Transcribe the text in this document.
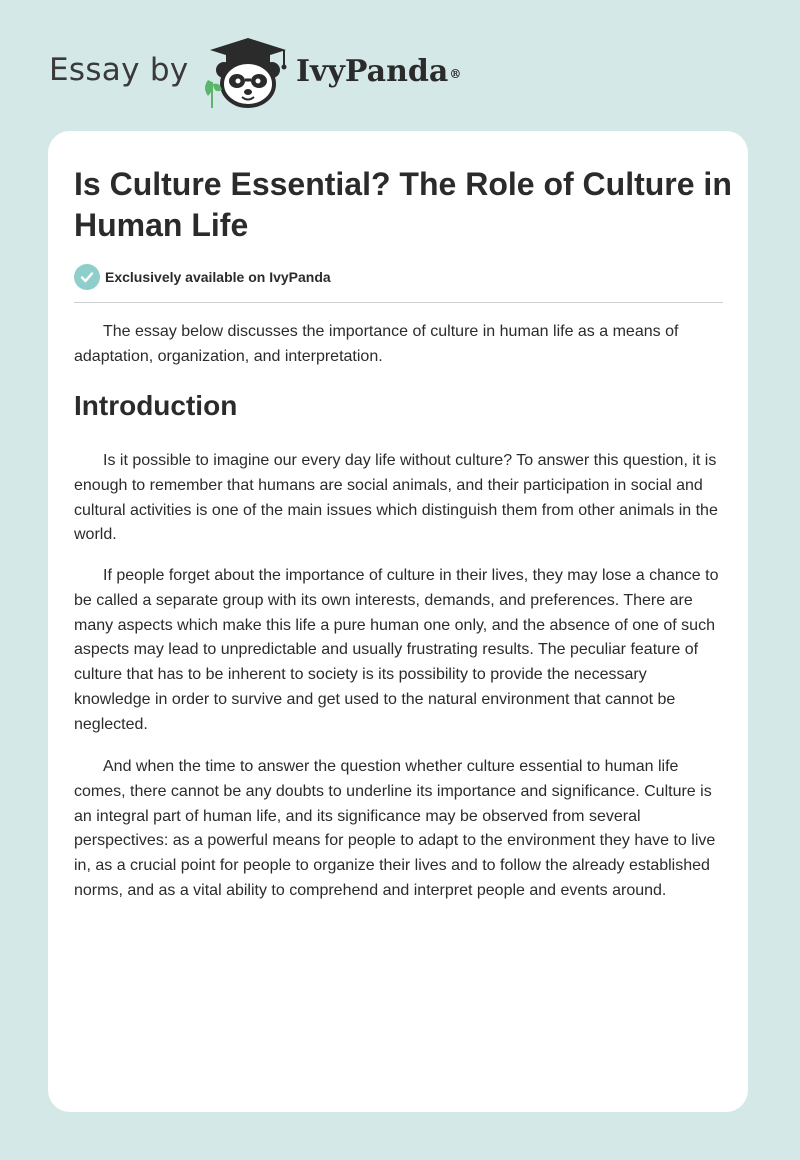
Essay by	IvyPanda®
Is Culture Essential? The Role of Culture in Human Life
Exclusively available on IvyPanda

The essay below discusses the importance of culture in human life as a means of adaptation, organization, and interpretation.

Introduction

Is it possible to imagine our every day life without culture? To answer this question, it is enough to remember that humans are social animals, and their participation in social and cultural activities is one of the main issues which distinguish them from other animals in the world.

If people forget about the importance of culture in their lives, they may lose a chance to be called a separate group with its own interests, demands, and preferences. There are many aspects which make this life a pure human one only, and the absence of one of such aspects may lead to unpredictable and usually frustrating results. The peculiar feature of culture that has to be inherent to society is its possibility to provide the necessary knowledge in order to survive and get used to the natural environment that cannot be neglected.

And when the time to answer the question whether culture essential to human life comes, there cannot be any doubts to underline its importance and significance. Culture is an integral part of human life, and its significance may be observed from several perspectives: as a powerful means for people to adapt to the environment they have to live in, as a crucial point for people to organize their lives and to follow the already established norms, and as a vital ability to comprehend and interpret people and events around.
